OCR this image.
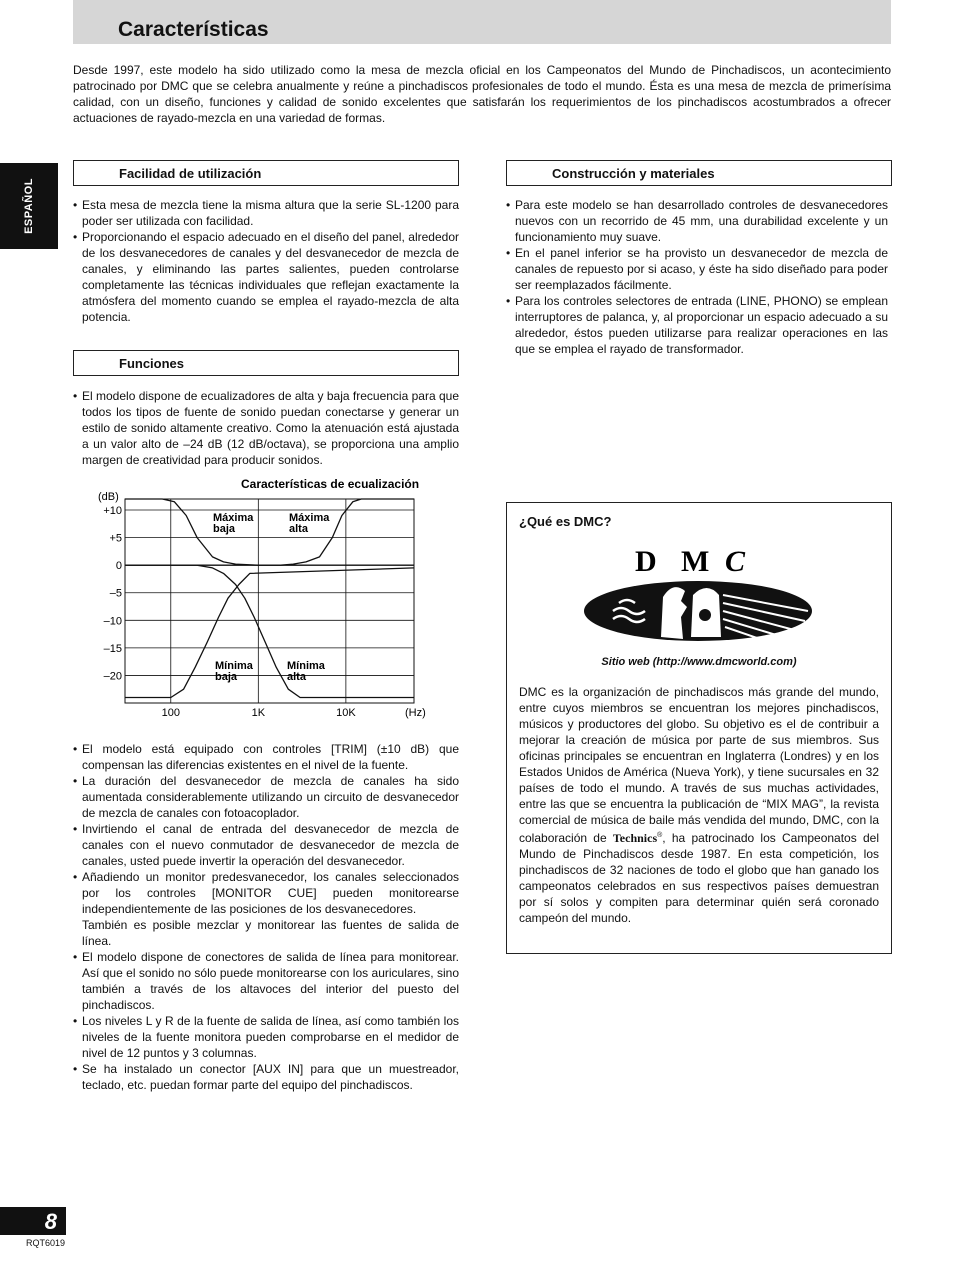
Características
Desde 1997, este modelo ha sido utilizado como la mesa de mezcla oficial en los Campeonatos del Mundo de Pinchadiscos, un acontecimiento patrocinado por DMC que se celebra anualmente y reúne a pinchadiscos profesionales de todo el mundo. Ésta es una mesa de mezcla de primerísima calidad, con un diseño, funciones y calidad de sonido excelentes que satisfarán los requerimientos de los pinchadiscos acostumbrados a ofrecer actuaciones de rayado-mezcla en una variedad de formas.
ESPAÑOL
Facilidad de utilización
• Esta mesa de mezcla tiene la misma altura que la serie SL-1200 para poder ser utilizada con facilidad.
• Proporcionando el espacio adecuado en el diseño del panel, alrededor de los desvanecedores de canales y del desvanecedor de mezcla de canales, y eliminando las partes salientes, pueden controlarse completamente las técnicas individuales que reflejan exactamente la atmósfera del momento cuando se emplea el rayado-mezcla de alta potencia.
Funciones
• El modelo dispone de ecualizadores de alta y baja frecuencia para que todos los tipos de fuente de sonido puedan conectarse y generar un estilo de sonido altamente creativo. Como la atenuación está ajustada a un valor alto de –24 dB (12 dB/octava), se proporciona una amplio margen de creatividad para producir sonidos.
Características de ecualización
(dB)
(Hz)
+10
+5
0
–5
–10
–15
–20
100	1K	10K
Máxima
baja
Máxima
alta
Mínima
baja
Mínima
alta
• El modelo está equipado con controles [TRIM] (±10 dB) que compensan las diferencias existentes en el nivel de la fuente.
• La duración del desvanecedor de mezcla de canales ha sido aumentada considerablemente utilizando un circuito de desvanecedor de mezcla de canales con fotoacoplador.
• Invirtiendo el canal de entrada del desvanecedor de mezcla de canales con el nuevo conmutador de desvanecedor de mezcla de canales, usted puede invertir la operación del desvanecedor.
• Añadiendo un monitor predesvanecedor, los canales seleccionados por los controles [MONITOR CUE] pueden monitorearse independientemente de las posiciones de los desvanecedores.
También es posible mezclar y monitorear las fuentes de salida de línea.
• El modelo dispone de conectores de salida de línea para monitorear. Así que el sonido no sólo puede monitorearse con los auriculares, sino también a través de los altavoces del interior del puesto del pinchadiscos.
• Los niveles L y R de la fuente de salida de línea, así como también los niveles de la fuente monitora pueden comprobarse en el medidor de nivel de 12 puntos y 3 columnas.
• Se ha instalado un conector [AUX IN] para que un muestreador, teclado, etc. puedan formar parte del equipo del pinchadiscos.
Construcción y materiales
• Para este modelo se han desarrollado controles de desvanecedores nuevos con un recorrido de 45 mm, una durabilidad excelente y un funcionamiento muy suave.
• En el panel inferior se ha provisto un desvanecedor de mezcla de canales de repuesto por si acaso, y éste ha sido diseñado para poder ser reemplazados fácilmente.
• Para los controles selectores de entrada (LINE, PHONO) se emplean interruptores de palanca, y, al proporcionar un espacio adecuado a su alrededor, éstos pueden utilizarse para realizar operaciones en las que se emplea el rayado de transformador.
¿Qué es DMC?
D M C
Sitio web (http://www.dmcworld.com)
DMC es la organización de pinchadiscos más grande del mundo, entre cuyos miembros se encuentran los mejores pinchadiscos, músicos y productores del globo. Su objetivo es el de contribuir a mejorar la creación de música por parte de sus miembros. Sus oficinas principales se encuentran en Inglaterra (Londres) y en los Estados Unidos de América (Nueva York), y tiene sucursales en 32 países de todo el mundo. A través de sus muchas actividades, entre las que se encuentra la publicación de “MIX MAG”, la revista comercial de música de baile más vendida del mundo, DMC, con la colaboración de Technics®, ha patrocinado los Campeonatos del Mundo de Pinchadiscos desde 1987. En esta competición, los pinchadiscos de 32 naciones de todo el globo que han ganado los campeonatos celebrados en sus respectivos países demuestran por sí solos y compiten para determinar quién será coronado campeón del mundo.
8
RQT6019
